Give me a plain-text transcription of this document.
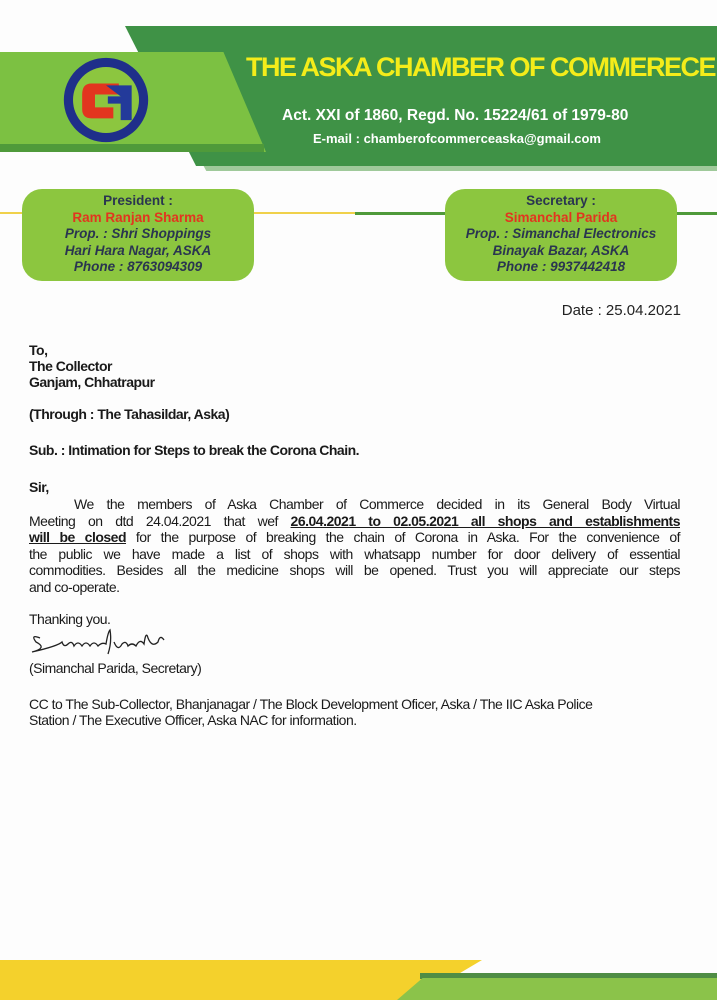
THE ASKA CHAMBER OF COMMERECE
Act. XXI of 1860, Regd. No. 15224/61 of 1979-80
E-mail : chamberofcommerceaska@gmail.com
President :
Ram Ranjan Sharma
Prop. : Shri Shoppings
Hari Hara Nagar, ASKA
Phone : 8763094309
Secretary :
Simanchal Parida
Prop. : Simanchal Electronics
Binayak Bazar, ASKA
Phone : 9937442418
Date : 25.04.2021
To,
The Collector
Ganjam, Chhatrapur
(Through : The Tahasildar, Aska)
Sub. : Intimation for Steps to break the Corona Chain.
Sir,
We the members of Aska Chamber of Commerce decided in its General Body Virtual
Meeting on dtd 24.04.2021 that wef 26.04.2021 to 02.05.2021 all shops and establishments
will be closed for the purpose of breaking the chain of Corona in Aska. For the convenience of
the public we have made a list of shops with whatsapp number for door delivery of essential
commodities. Besides all the medicine shops will be opened. Trust you will appreciate our steps
and co-operate.
Thanking you.
(Simanchal Parida, Secretary)
CC to The Sub-Collector, Bhanjanagar / The Block Development Oficer, Aska / The IIC Aska Police
Station / The Executive Officer, Aska NAC for information.
